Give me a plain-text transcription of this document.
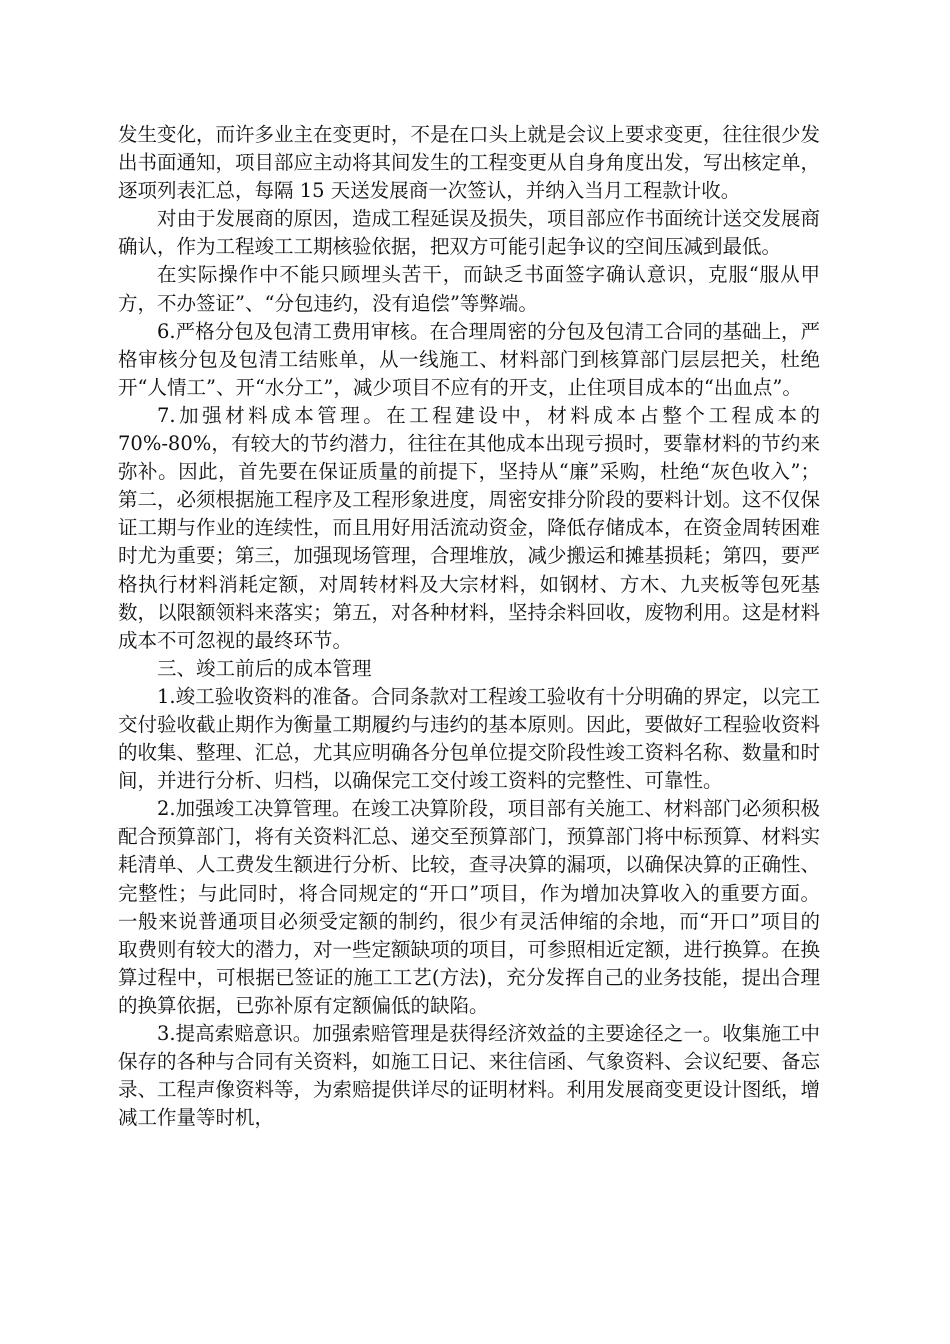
发生变化，而许多业主在变更时，不是在口头上就是会议上要求变更，往往很少发出书面通知，项目部应主动将其间发生的工程变更从自身角度出发，写出核定单，逐项列表汇总，每隔 15 天送发展商一次签认，并纳入当月工程款计收。

对由于发展商的原因，造成工程延误及损失，项目部应作书面统计送交发展商确认，作为工程竣工工期核验依据，把双方可能引起争议的空间压减到最低。

在实际操作中不能只顾埋头苦干，而缺乏书面签字确认意识，克服“服从甲方，不办签证”、“分包违约，没有追偿”等弊端。

6.严格分包及包清工费用审核。在合理周密的分包及包清工合同的基础上，严格审核分包及包清工结账单，从一线施工、材料部门到核算部门层层把关，杜绝开“人情工”、开“水分工”，减少项目不应有的开支，止住项目成本的“出血点”。

7.加强材料成本管理。在工程建设中，材料成本占整个工程成本的 70%-80%，有较大的节约潜力，往往在其他成本出现亏损时，要靠材料的节约来弥补。因此，首先要在保证质量的前提下，坚持从“廉”采购，杜绝“灰色收入”；第二，必须根据施工程序及工程形象进度，周密安排分阶段的要料计划。这不仅保证工期与作业的连续性，而且用好用活流动资金，降低存储成本，在资金周转困难时尤为重要；第三，加强现场管理，合理堆放，减少搬运和摊基损耗；第四，要严格执行材料消耗定额，对周转材料及大宗材料，如钢材、方木、九夹板等包死基数，以限额领料来落实；第五，对各种材料，坚持余料回收，废物利用。这是材料成本不可忽视的最终环节。

三、竣工前后的成本管理

1.竣工验收资料的准备。合同条款对工程竣工验收有十分明确的界定，以完工交付验收截止期作为衡量工期履约与违约的基本原则。因此，要做好工程验收资料的收集、整理、汇总，尤其应明确各分包单位提交阶段性竣工资料名称、数量和时间，并进行分析、归档，以确保完工交付竣工资料的完整性、可靠性。

2.加强竣工决算管理。在竣工决算阶段，项目部有关施工、材料部门必须积极配合预算部门，将有关资料汇总、递交至预算部门，预算部门将中标预算、材料实耗清单、人工费发生额进行分析、比较，查寻决算的漏项，以确保决算的正确性、完整性；与此同时，将合同规定的“开口”项目，作为增加决算收入的重要方面。一般来说普通项目必须受定额的制约，很少有灵活伸缩的余地，而“开口”项目的取费则有较大的潜力，对一些定额缺项的项目，可参照相近定额，进行换算。在换算过程中，可根据已签证的施工工艺(方法)，充分发挥自己的业务技能，提出合理的换算依据，已弥补原有定额偏低的缺陷。

3.提高索赔意识。加强索赔管理是获得经济效益的主要途径之一。收集施工中保存的各种与合同有关资料，如施工日记、来往信函、气象资料、会议纪要、备忘录、工程声像资料等，为索赔提供详尽的证明材料。利用发展商变更设计图纸，增减工作量等时机，
